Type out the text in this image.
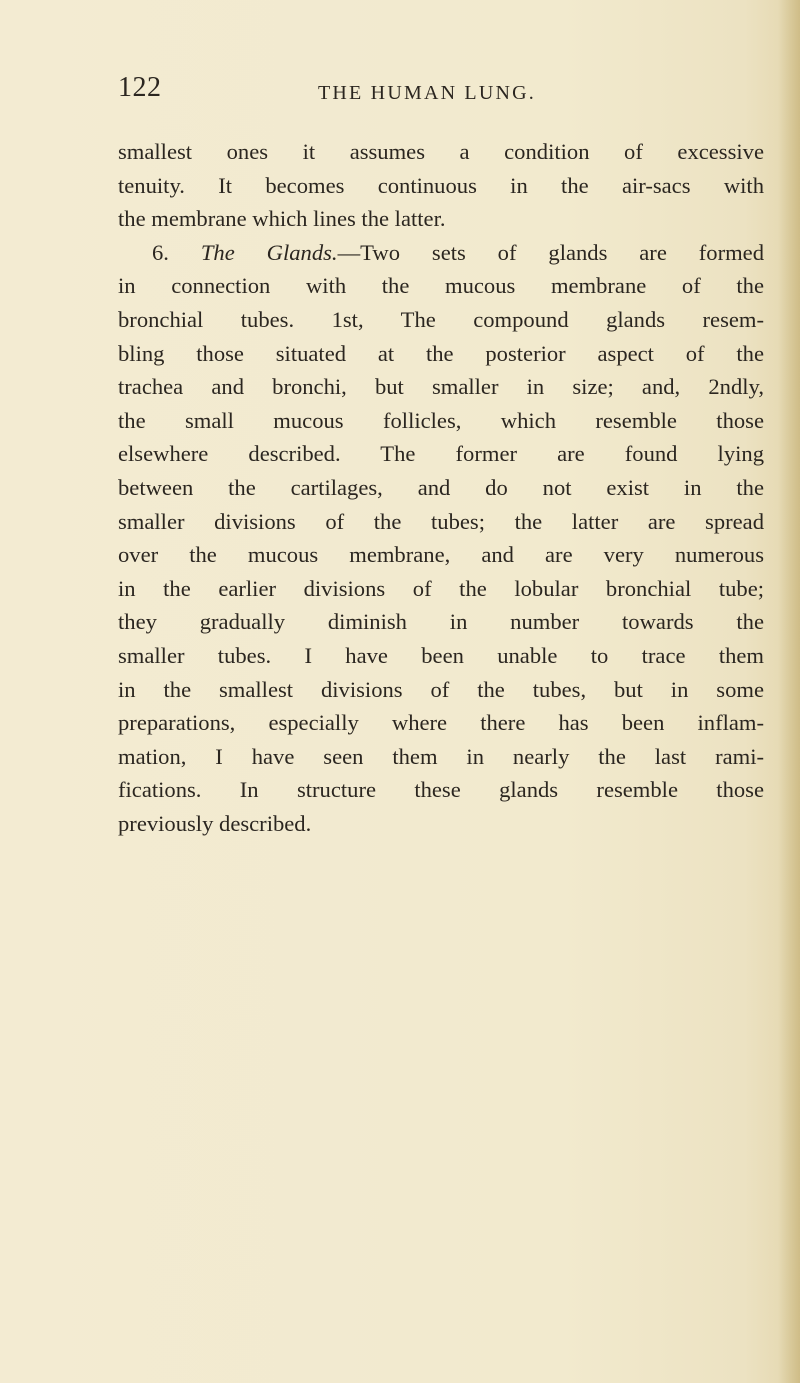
122	THE HUMAN LUNG.
smallest ones it assumes a condition of excessive
tenuity. It becomes continuous in the air-sacs with
the membrane which lines the latter.
6. The Glands.—Two sets of glands are formed
in connection with the mucous membrane of the
bronchial tubes. 1st, The compound glands resem-
bling those situated at the posterior aspect of the
trachea and bronchi, but smaller in size; and, 2ndly,
the small mucous follicles, which resemble those
elsewhere described. The former are found lying
between the cartilages, and do not exist in the
smaller divisions of the tubes; the latter are spread
over the mucous membrane, and are very numerous
in the earlier divisions of the lobular bronchial tube;
they gradually diminish in number towards the
smaller tubes. I have been unable to trace them
in the smallest divisions of the tubes, but in some
preparations, especially where there has been inflam-
mation, I have seen them in nearly the last rami-
fications. In structure these glands resemble those
previously described.
